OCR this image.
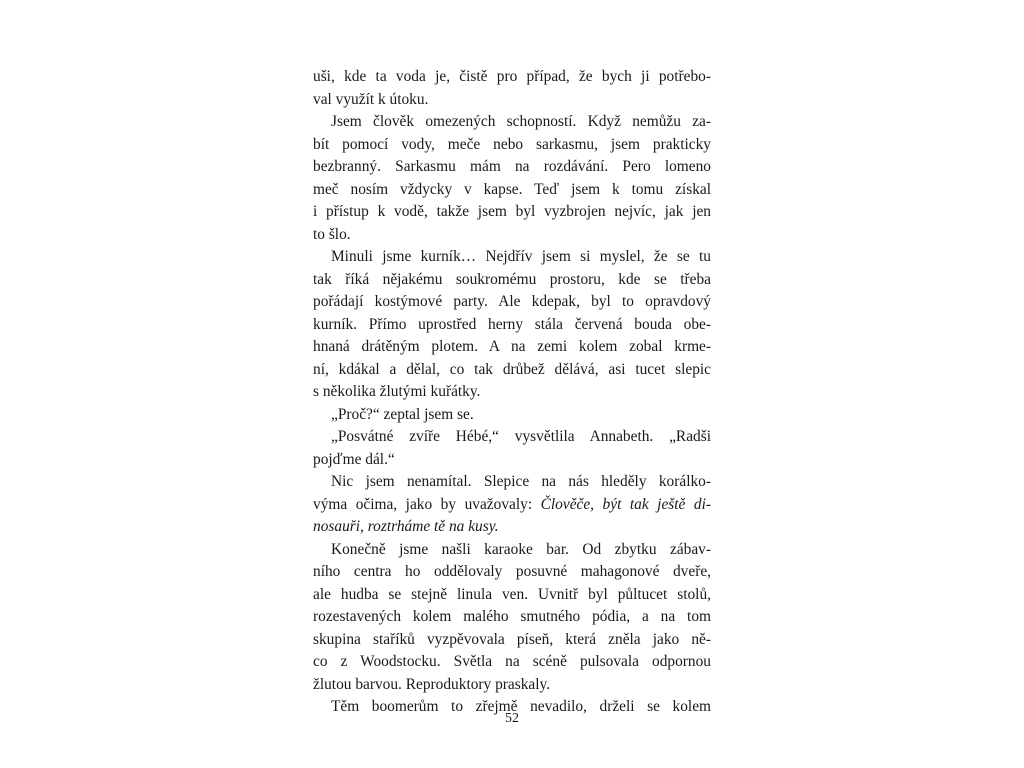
uši, kde ta voda je, čistě pro případ, že bych ji potřebo-
val využít k útoku.
Jsem člověk omezených schopností. Když nemůžu za-
bít pomocí vody, meče nebo sarkasmu, jsem prakticky
bezbranný. Sarkasmu mám na rozdávání. Pero lomeno
meč nosím vždycky v kapse. Teď jsem k tomu získal
i přístup k vodě, takže jsem byl vyzbrojen nejvíc, jak jen
to šlo.
Minuli jsme kurník… Nejdřív jsem si myslel, že se tu
tak říká nějakému soukromému prostoru, kde se třeba
pořádají kostýmové party. Ale kdepak, byl to opravdový
kurník. Přímo uprostřed herny stála červená bouda obe-
hnaná drátěným plotem. A na zemi kolem zobal krme-
ní, kdákal a dělal, co tak drůbež dělává, asi tucet slepic
s několika žlutými kuřátky.
„Proč?“ zeptal jsem se.
„Posvátné zvíře Hébé,“ vysvětlila Annabeth. „Radši
pojďme dál.“
Nic jsem nenamítal. Slepice na nás hleděly korálko-
výma očima, jako by uvažovaly: Člověče, být tak ještě di-
nosauři, roztrháme tě na kusy.
Konečně jsme našli karaoke bar. Od zbytku zábav-
ního centra ho oddělovaly posuvné mahagonové dveře,
ale hudba se stejně linula ven. Uvnitř byl půltucet stolů,
rozestavených kolem malého smutného pódia, a na tom
skupina staříků vyzpěvovala píseň, která zněla jako ně-
co z Woodstocku. Světla na scéně pulsovala odpornou
žlutou barvou. Reproduktory praskaly.
Těm boomerům to zřejmě nevadilo, drželi se kolem
52
